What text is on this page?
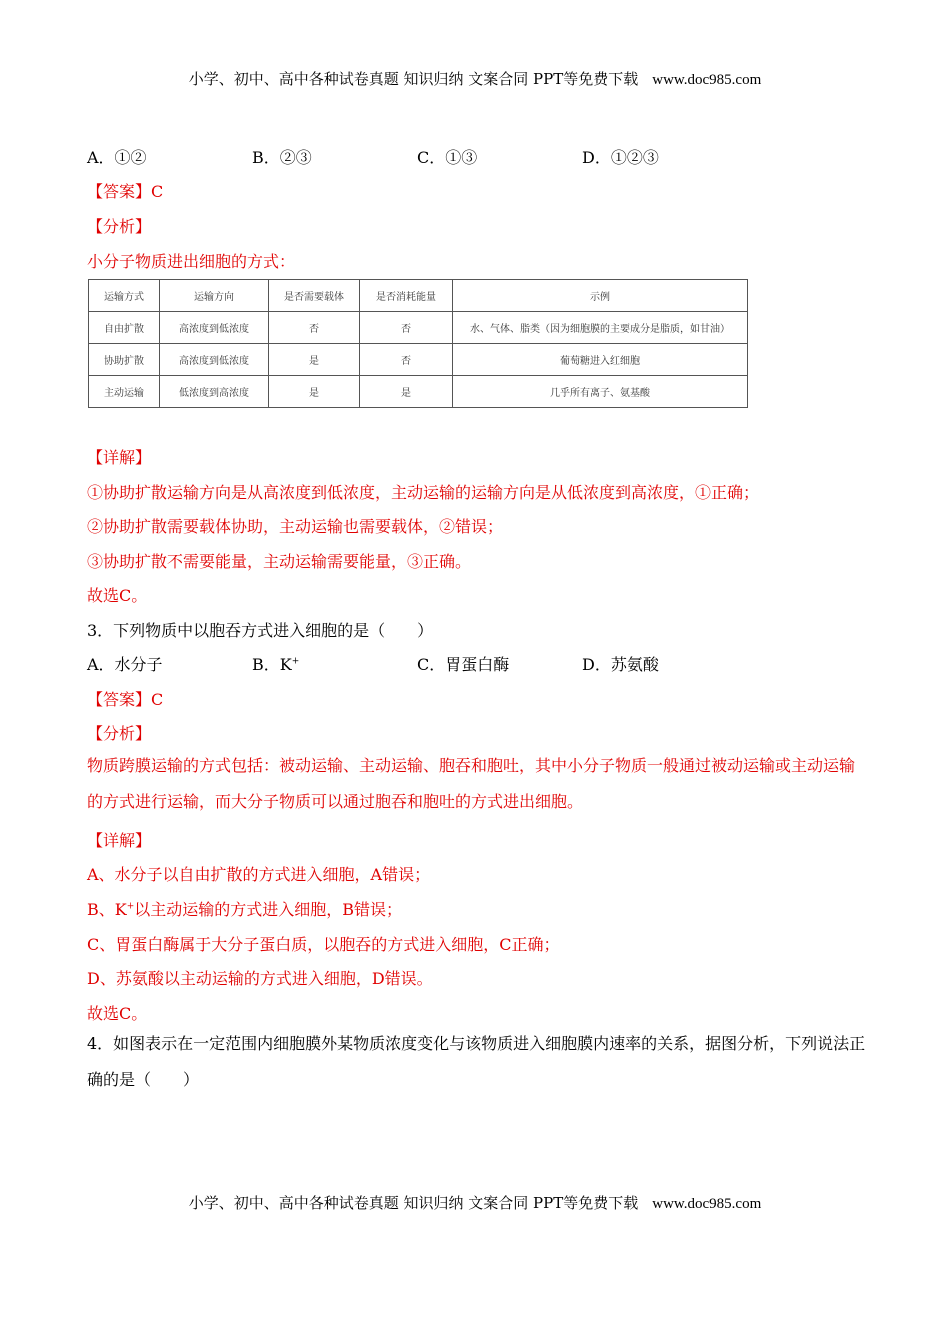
小学、初中、高中各种试卷真题 知识归纳 文案合同 PPT等免费下载 www.doc985.com
A．①②	B．②③	C．①③	D．①②③
【答案】C
【分析】
小分子物质进出细胞的方式：
运输方式	运输方向	是否需要载体	是否消耗能量	示例
自由扩散	高浓度到低浓度	否	否	水、气体、脂类（因为细胞膜的主要成分是脂质，如甘油）
协助扩散	高浓度到低浓度	是	否	葡萄糖进入红细胞
主动运输	低浓度到高浓度	是	是	几乎所有离子、氨基酸
【详解】
①协助扩散运输方向是从高浓度到低浓度，主动运输的运输方向是从低浓度到高浓度，①正确；
②协助扩散需要载体协助，主动运输也需要载体，②错误；
③协助扩散不需要能量，主动运输需要能量，③正确。
故选C。
3．下列物质中以胞吞方式进入细胞的是（　　）
A．水分子	B．K+	C．胃蛋白酶	D．苏氨酸
【答案】C
【分析】
物质跨膜运输的方式包括：被动运输、主动运输、胞吞和胞吐，其中小分子物质一般通过被动运输或主动运输的方式进行运输，而大分子物质可以通过胞吞和胞吐的方式进出细胞。
【详解】
A、水分子以自由扩散的方式进入细胞，A错误；
B、K+以主动运输的方式进入细胞，B错误；
C、胃蛋白酶属于大分子蛋白质，以胞吞的方式进入细胞，C正确；
D、苏氨酸以主动运输的方式进入细胞，D错误。
故选C。
4．如图表示在一定范围内细胞膜外某物质浓度变化与该物质进入细胞膜内速率的关系，据图分析，下列说法正确的是（　　）
小学、初中、高中各种试卷真题 知识归纳 文案合同 PPT等免费下载 www.doc985.com
